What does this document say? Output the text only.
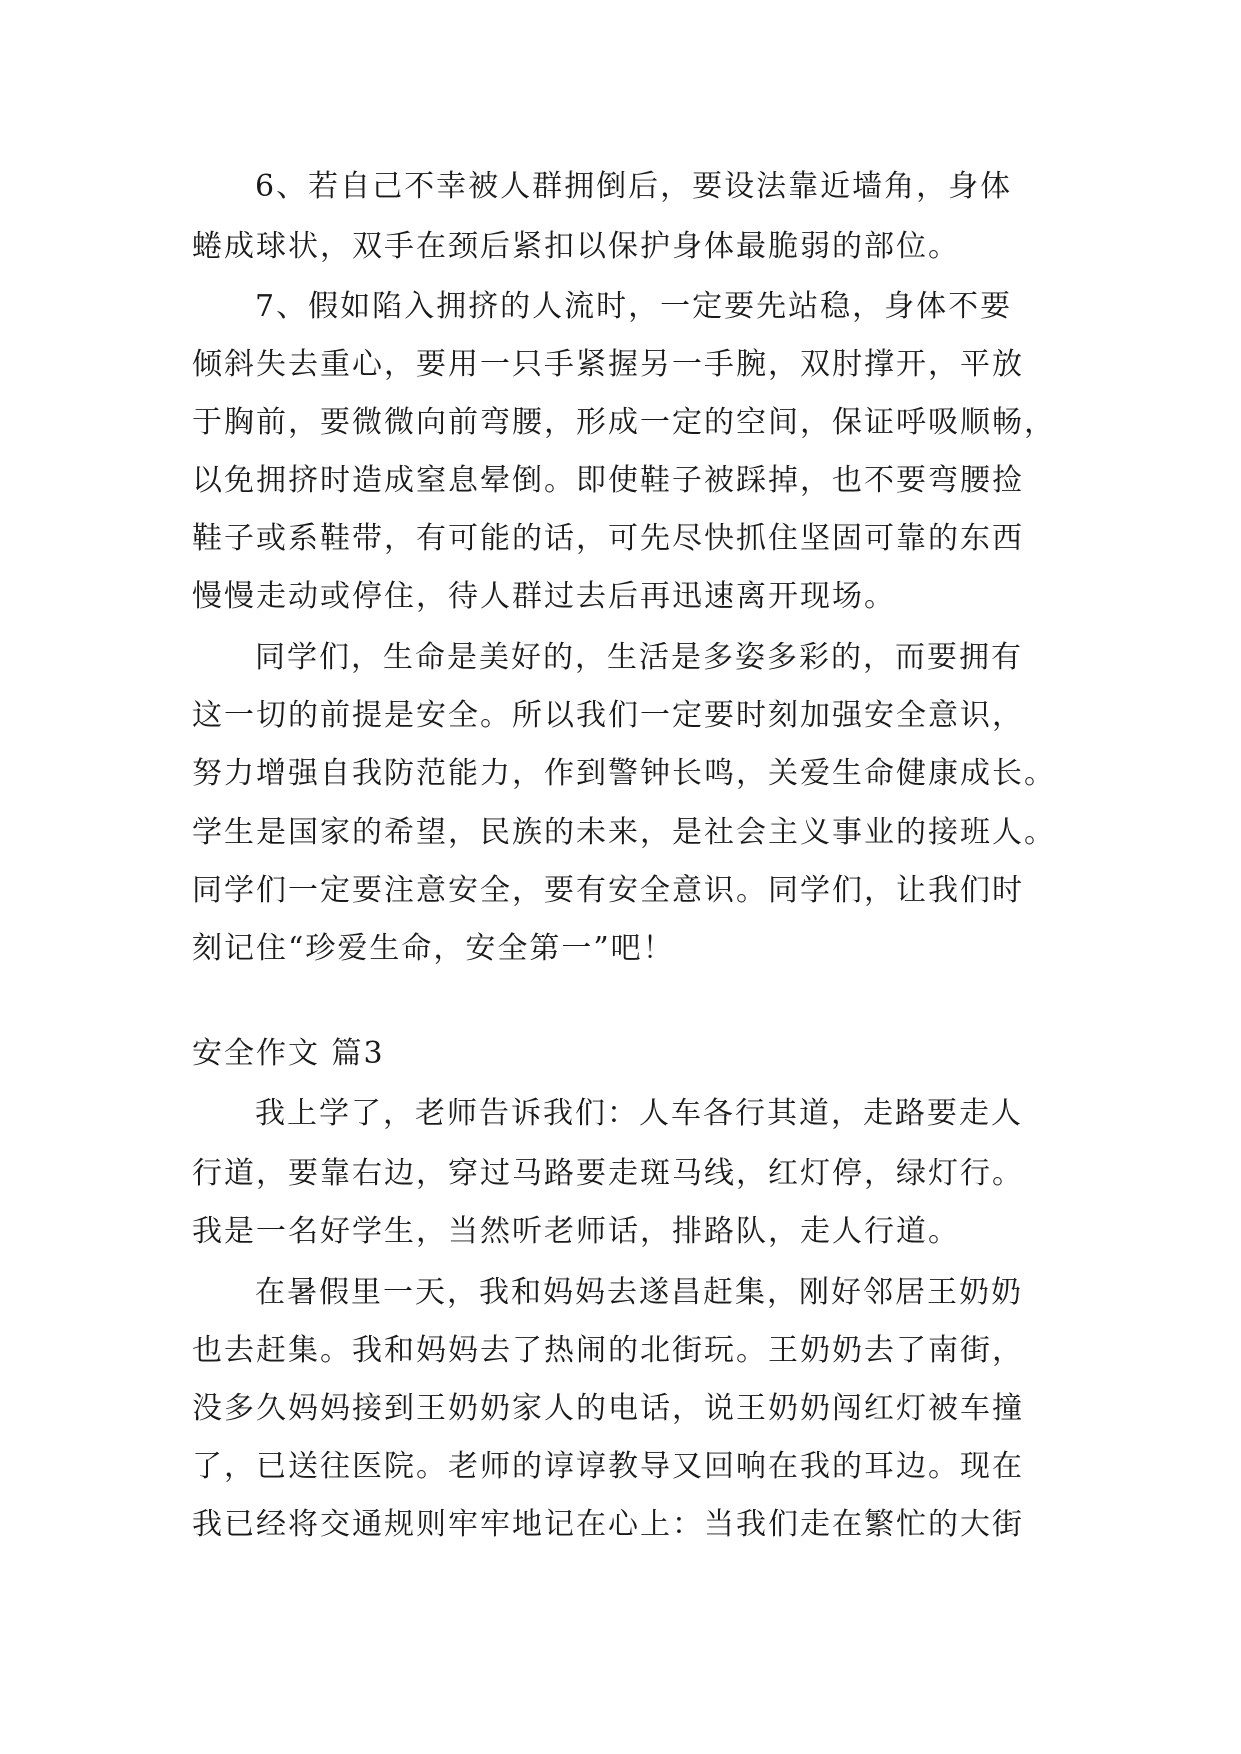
6、若自己不幸被人群拥倒后，要设法靠近墙角，身体
蜷成球状，双手在颈后紧扣以保护身体最脆弱的部位。
7、假如陷入拥挤的人流时，一定要先站稳，身体不要
倾斜失去重心，要用一只手紧握另一手腕，双肘撑开，平放
于胸前，要微微向前弯腰，形成一定的空间，保证呼吸顺畅，
以免拥挤时造成窒息晕倒。即使鞋子被踩掉，也不要弯腰捡
鞋子或系鞋带，有可能的话，可先尽快抓住坚固可靠的东西
慢慢走动或停住，待人群过去后再迅速离开现场。
同学们，生命是美好的，生活是多姿多彩的，而要拥有
这一切的前提是安全。所以我们一定要时刻加强安全意识，
努力增强自我防范能力，作到警钟长鸣，关爱生命健康成长。
学生是国家的希望，民族的未来，是社会主义事业的接班人。
同学们一定要注意安全，要有安全意识。同学们，让我们时
刻记住“珍爱生命，安全第一”吧！
安全作文 篇3
我上学了，老师告诉我们：人车各行其道，走路要走人
行道，要靠右边，穿过马路要走斑马线，红灯停，绿灯行。
我是一名好学生，当然听老师话，排路队，走人行道。
在暑假里一天，我和妈妈去遂昌赶集，刚好邻居王奶奶
也去赶集。我和妈妈去了热闹的北街玩。王奶奶去了南街，
没多久妈妈接到王奶奶家人的电话，说王奶奶闯红灯被车撞
了，已送往医院。老师的谆谆教导又回响在我的耳边。现在
我已经将交通规则牢牢地记在心上：当我们走在繁忙的大街
